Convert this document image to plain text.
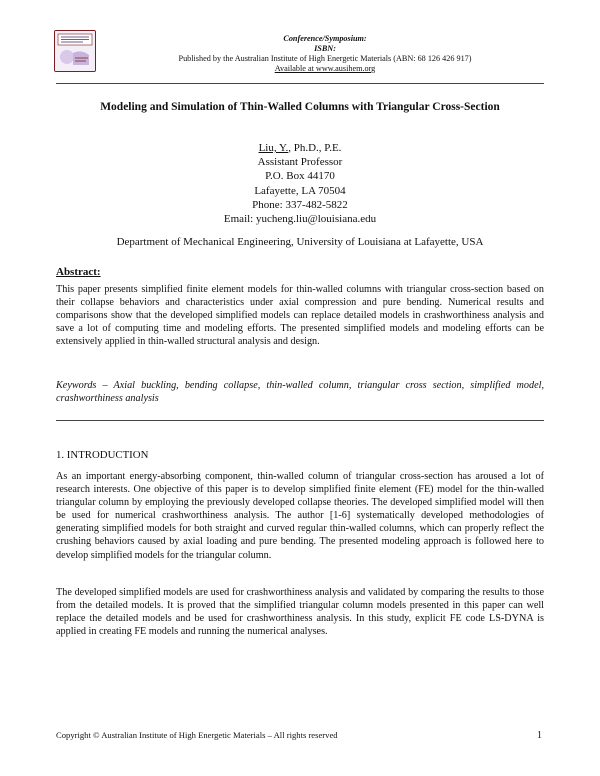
Conference/Symposium:
ISBN:
Published by the Australian Institute of High Energetic Materials (ABN: 68 126 426 917)
Available at www.ausihem.org
Modeling and Simulation of Thin-Walled Columns with Triangular Cross-Section
Liu, Y., Ph.D., P.E.
Assistant Professor
P.O. Box 44170
Lafayette, LA 70504
Phone: 337-482-5822
Email: yucheng.liu@louisiana.edu
Department of Mechanical Engineering, University of Louisiana at Lafayette, USA
Abstract:
This paper presents simplified finite element models for thin-walled columns with triangular cross-section based on their collapse behaviors and characteristics under axial compression and pure bending. Numerical results and comparisons show that the developed simplified models can replace detailed models in crashworthiness analysis and save a lot of computing time and modeling efforts. The presented simplified models and modeling efforts can be extensively applied in thin-walled structural analysis and design.
Keywords – Axial buckling, bending collapse, thin-walled column, triangular cross section, simplified model, crashworthiness analysis
1. INTRODUCTION
As an important energy-absorbing component, thin-walled column of triangular cross-section has aroused a lot of research interests. One objective of this paper is to develop simplified finite element (FE) model for the thin-walled triangular column by employing the previously developed collapse theories. The developed simplified model will then be used for numerical crashworthiness analysis. The author [1-6] systematically developed methodologies of generating simplified models for both straight and curved regular thin-walled columns, which can properly reflect the crushing behaviors caused by axial loading and pure bending. The presented modeling approach is followed here to develop simplified models for the triangular column.
The developed simplified models are used for crashworthiness analysis and validated by comparing the results to those from the detailed models. It is proved that the simplified triangular column models presented in this paper can well replace the detailed models and be used for crashworthiness analysis. In this study, explicit FE code LS-DYNA is applied in creating FE models and running the numerical analyses.
Copyright © Australian Institute of High Energetic Materials – All rights reserved	1
